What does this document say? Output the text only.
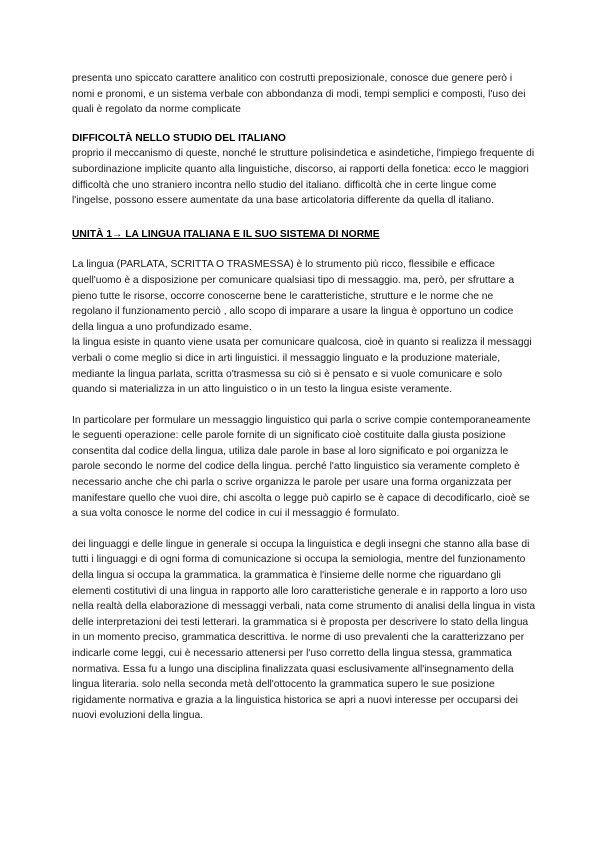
presenta uno spiccato carattere analitico con costrutti preposizionale, conosce due genere però i nomi e pronomi, e un sistema verbale con abbondanza di modi, tempi semplici e composti, l'uso dei quali è regolato da norme complicate

DIFFICOLTÀ NELLO STUDIO DEL ITALIANO

proprio il meccanismo di queste, nonché le strutture polisindetica e asindetiche, l'impiego frequente di subordinazione implicite quanto alla linguistiche, discorso, ai rapporti della fonetica: ecco le maggiori difficoltà che uno straniero incontra nello studio del italiano. difficoltà che in certe lingue come l'ingelse, possono essere aumentate da una base articolatoria differente da quella dl italiano.

UNITÀ 1→ LA LINGUA ITALIANA E IL SUO SISTEMA DI NORME

La lingua (PARLATA, SCRITTA O TRASMESSA) è lo strumento più ricco, flessibile e efficace quell'uomo è a disposizione per comunicare qualsiasi tipo di messaggio. ma, però, per sfruttare a pieno tutte le risorse, occorre conoscerne bene le caratteristiche, strutture e le norme che ne regolano il funzionamento perciò , allo scopo di imparare a usare la lingua è opportuno un codice della lingua a uno profundizado esame.

la lingua esiste in quanto viene usata per comunicare qualcosa, cioè in quanto si realizza il messaggi verbali o come meglio si dice in arti linguistici. il messaggio linguato e la produzione materiale, mediante la lingua parlata, scritta o'trasmessa su ciò si è pensato e si vuole comunicare e solo quando si materializza in un atto linguistico o in un testo la lingua esiste veramente.

In particolare per formulare un messaggio linguistico qui parla o scrive compie contemporaneamente le seguenti operazione: celle parole fornite di un significato cioè costituite dalla giusta posizione consentita dal codice della lingua, utiliza dale parole in base al loro significato e poi organizza le parole secondo le norme del codice della lingua. perché l'atto linguistico sia veramente completo è necessario anche che chi parla o scrive organizza le parole per usare una forma organizzata per manifestare quello che vuoi dire, chi ascolta o legge può capirlo se è capace di decodificarlo, cioè se a sua volta conosce le norme del codice in cui il messaggio é formulato.

dei linguaggi e delle lingue in generale si occupa la linguistica e degli insegni che stanno alla base di tutti i linguaggi e di ogni forma di comunicazione si occupa la semiologia, mentre del funzionamento della lingua si occupa la grammatica. la grammatica è l'insieme delle norme che riguardano gli elementi costitutivi di una lingua in rapporto alle loro caratteristiche generale e in rapporto a loro uso nella realtà della elaborazione di messaggi verbali, nata come strumento di analisi della lingua in vista delle interpretazioni dei testi letterari. la grammatica si è proposta per descrivere lo stato della lingua in un momento preciso, grammatica descrittiva. le norme di uso prevalenti che la caratterizzano per indicarle come leggi, cui è necessario attenersi per l'uso corretto della lingua stessa, grammatica normativa. Essa fu a lungo una disciplina finalizzata quasi esclusivamente all'insegnamento della lingua literaria. solo nella seconda metà dell'ottocento la grammatica supero le sue posizione rigidamente normativa e grazia a la linguistica historica se apri a nuovi interesse per occuparsi dei nuovi evoluzioni della lingua.
